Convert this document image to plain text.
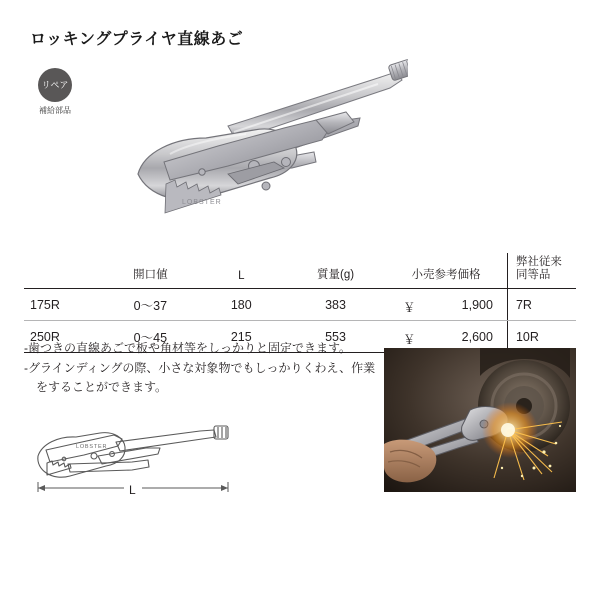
ロッキングプライヤ直線あご
リペア
補給部品
LOBSTER
	開口値	L	質量(g)	小売参考価格	弊社従来
同等品

175R	0〜37	180	383	￥ 1,900	7R
250R	0〜45	215	553	￥ 2,600	10R

-歯つきの直線あごで板や角材等をしっかりと固定できます。

-グラインディングの際、小さな対象物でもしっかりくわえ、作業

　をすることができます。

LOBSTER
L
